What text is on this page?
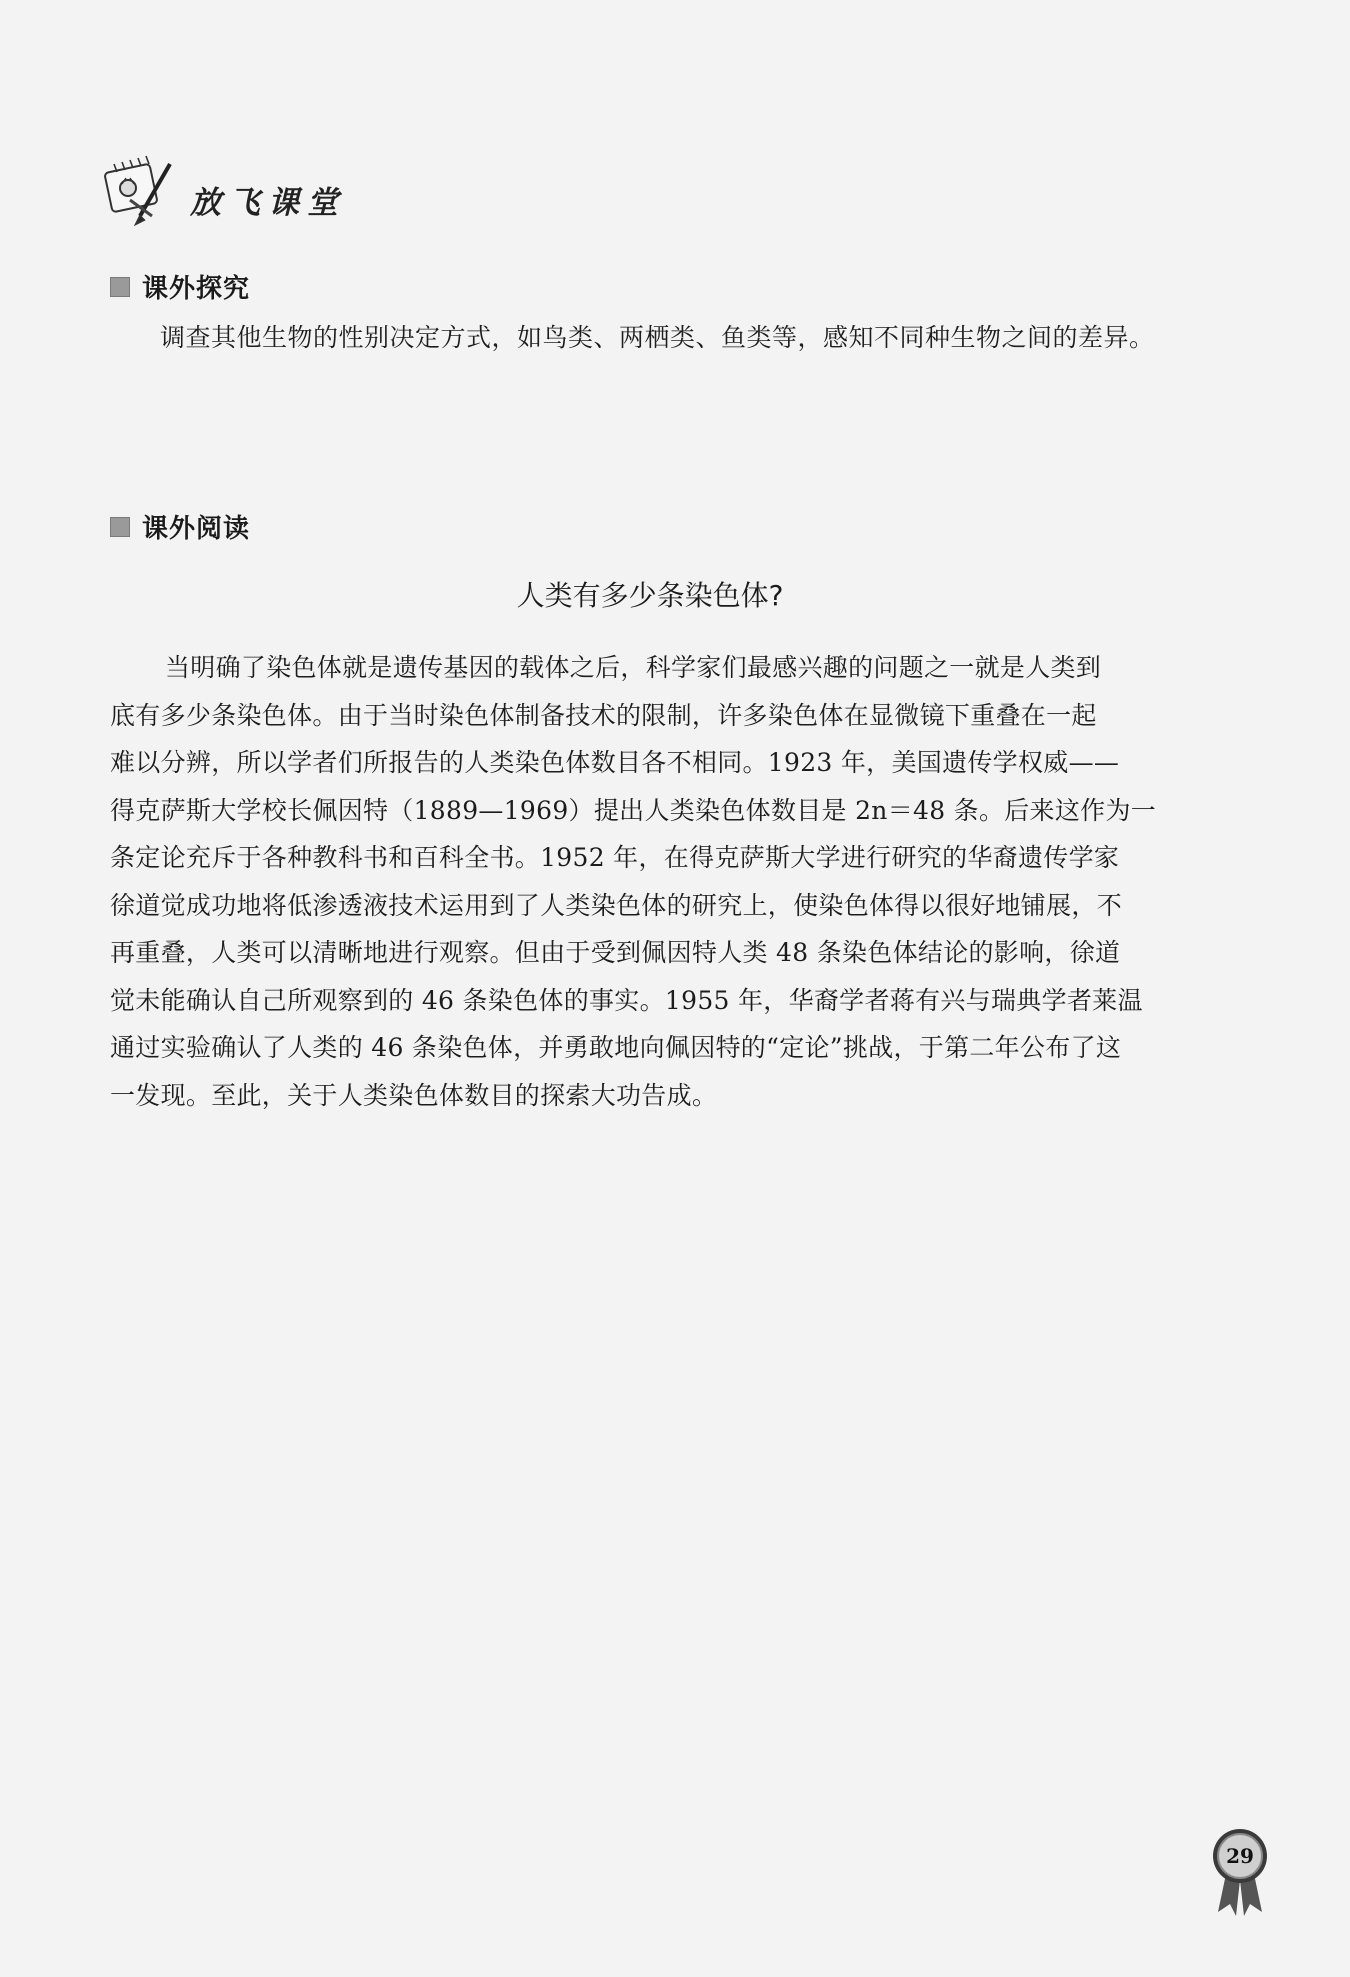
放飞课堂
课外探究
调查其他生物的性别决定方式，如鸟类、两栖类、鱼类等，感知不同种生物之间的差异。
课外阅读
人类有多少条染色体?
当明确了染色体就是遗传基因的载体之后，科学家们最感兴趣的问题之一就是人类到
底有多少条染色体。由于当时染色体制备技术的限制，许多染色体在显微镜下重叠在一起
难以分辨，所以学者们所报告的人类染色体数目各不相同。1923 年，美国遗传学权威——
得克萨斯大学校长佩因特（1889—1969）提出人类染色体数目是 2n＝48 条。后来这作为一
条定论充斥于各种教科书和百科全书。1952 年，在得克萨斯大学进行研究的华裔遗传学家
徐道觉成功地将低渗透液技术运用到了人类染色体的研究上，使染色体得以很好地铺展，不
再重叠，人类可以清晰地进行观察。但由于受到佩因特人类 48 条染色体结论的影响，徐道
觉未能确认自己所观察到的 46 条染色体的事实。1955 年，华裔学者蒋有兴与瑞典学者莱温
通过实验确认了人类的 46 条染色体，并勇敢地向佩因特的“定论”挑战，于第二年公布了这
一发现。至此，关于人类染色体数目的探索大功告成。
29
